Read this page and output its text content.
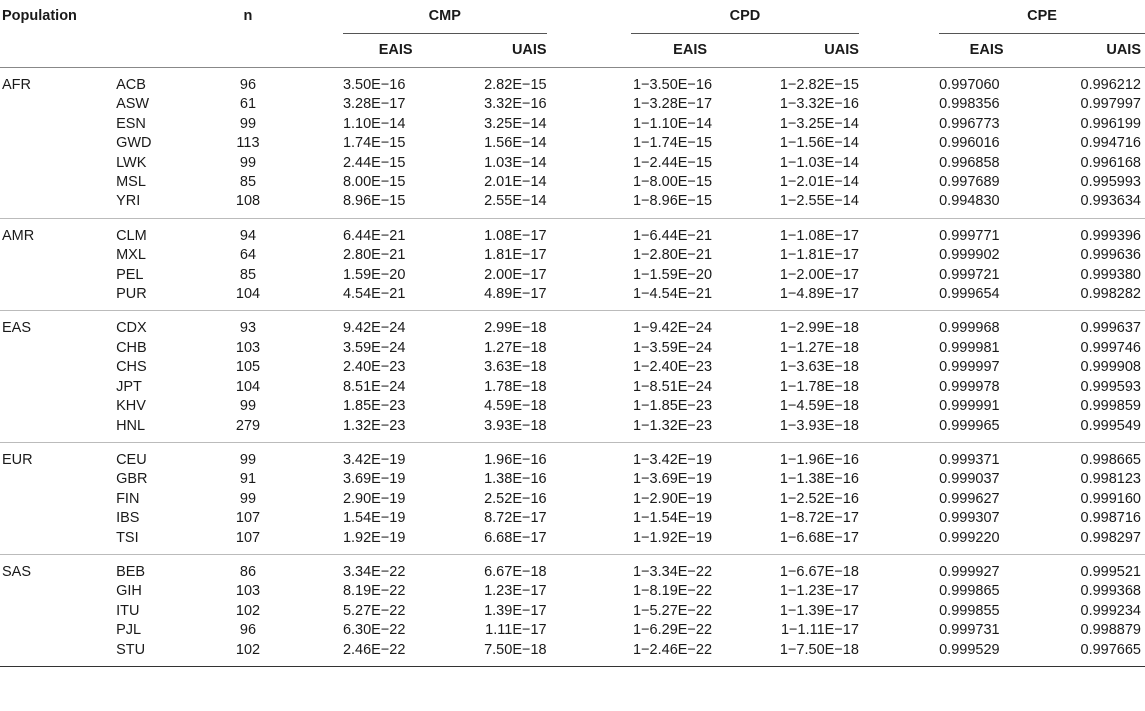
Population		n		CMP			CPD			CPE	
				EAIS	UAIS		EAIS	UAIS		EAIS	UAIS
AFR	ACB	96		3.50E−16	2.82E−15		1−3.50E−16	1−2.82E−15		0.997060	0.996212
	ASW	61		3.28E−17	3.32E−16		1−3.28E−17	1−3.32E−16		0.998356	0.997997
	ESN	99		1.10E−14	3.25E−14		1−1.10E−14	1−3.25E−14		0.996773	0.996199
	GWD	113		1.74E−15	1.56E−14		1−1.74E−15	1−1.56E−14		0.996016	0.994716
	LWK	99		2.44E−15	1.03E−14		1−2.44E−15	1−1.03E−14		0.996858	0.996168
	MSL	85		8.00E−15	2.01E−14		1−8.00E−15	1−2.01E−14		0.997689	0.995993
	YRI	108		8.96E−15	2.55E−14		1−8.96E−15	1−2.55E−14		0.994830	0.993634
AMR	CLM	94		6.44E−21	1.08E−17		1−6.44E−21	1−1.08E−17		0.999771	0.999396
	MXL	64		2.80E−21	1.81E−17		1−2.80E−21	1−1.81E−17		0.999902	0.999636
	PEL	85		1.59E−20	2.00E−17		1−1.59E−20	1−2.00E−17		0.999721	0.999380
	PUR	104		4.54E−21	4.89E−17		1−4.54E−21	1−4.89E−17		0.999654	0.998282
EAS	CDX	93		9.42E−24	2.99E−18		1−9.42E−24	1−2.99E−18		0.999968	0.999637
	CHB	103		3.59E−24	1.27E−18		1−3.59E−24	1−1.27E−18		0.999981	0.999746
	CHS	105		2.40E−23	3.63E−18		1−2.40E−23	1−3.63E−18		0.999997	0.999908
	JPT	104		8.51E−24	1.78E−18		1−8.51E−24	1−1.78E−18		0.999978	0.999593
	KHV	99		1.85E−23	4.59E−18		1−1.85E−23	1−4.59E−18		0.999991	0.999859
	HNL	279		1.32E−23	3.93E−18		1−1.32E−23	1−3.93E−18		0.999965	0.999549
EUR	CEU	99		3.42E−19	1.96E−16		1−3.42E−19	1−1.96E−16		0.999371	0.998665
	GBR	91		3.69E−19	1.38E−16		1−3.69E−19	1−1.38E−16		0.999037	0.998123
	FIN	99		2.90E−19	2.52E−16		1−2.90E−19	1−2.52E−16		0.999627	0.999160
	IBS	107		1.54E−19	8.72E−17		1−1.54E−19	1−8.72E−17		0.999307	0.998716
	TSI	107		1.92E−19	6.68E−17		1−1.92E−19	1−6.68E−17		0.999220	0.998297
SAS	BEB	86		3.34E−22	6.67E−18		1−3.34E−22	1−6.67E−18		0.999927	0.999521
	GIH	103		8.19E−22	1.23E−17		1−8.19E−22	1−1.23E−17		0.999865	0.999368
	ITU	102		5.27E−22	1.39E−17		1−5.27E−22	1−1.39E−17		0.999855	0.999234
	PJL	96		6.30E−22	1.11E−17		1−6.29E−22	1−1.11E−17		0.999731	0.998879
	STU	102		2.46E−22	7.50E−18		1−2.46E−22	1−7.50E−18		0.999529	0.997665
